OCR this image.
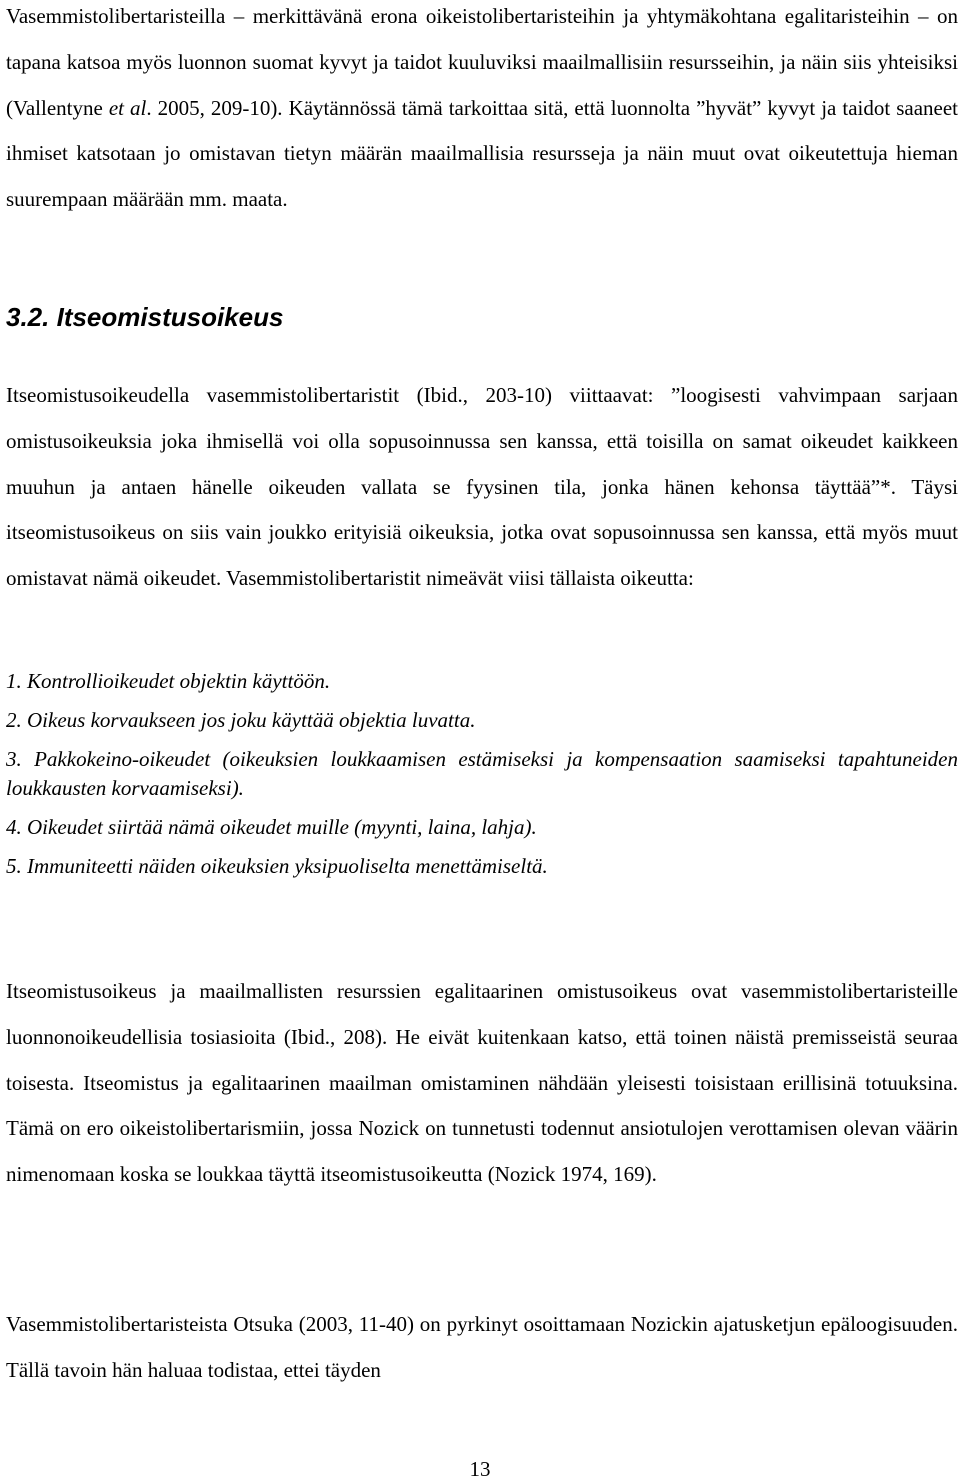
Vasemmistolibertaristeilla – merkittävänä erona oikeistolibertaristeihin ja yhtymäkohtana egalitaristeihin – on tapana katsoa myös luonnon suomat kyvyt ja taidot kuuluviksi maailmallisiin resursseihin, ja näin siis yhteisiksi (Vallentyne et al. 2005, 209-10). Käytännössä tämä tarkoittaa sitä, että luonnolta ”hyvät” kyvyt ja taidot saaneet ihmiset katsotaan jo omistavan tietyn määrän maailmallisia resursseja ja näin muut ovat oikeutettuja hieman suurempaan määrään mm. maata.

3.2. Itseomistusoikeus

Itseomistusoikeudella vasemmistolibertaristit (Ibid., 203-10) viittaavat: ”loogisesti vahvimpaan sarjaan omistusoikeuksia joka ihmisellä voi olla sopusoinnussa sen kanssa, että toisilla on samat oikeudet kaikkeen muuhun ja antaen hänelle oikeuden vallata se fyysinen tila, jonka hänen kehonsa täyttää”*. Täysi itseomistusoikeus on siis vain joukko erityisiä oikeuksia, jotka ovat sopusoinnussa sen kanssa, että myös muut omistavat nämä oikeudet. Vasemmistolibertaristit nimeävät viisi tällaista oikeutta:

1. Kontrollioikeudet objektin käyttöön.
2. Oikeus korvaukseen jos joku käyttää objektia luvatta.
3. Pakkokeino-oikeudet (oikeuksien loukkaamisen estämiseksi ja kompensaation saamiseksi tapahtuneiden loukkausten korvaamiseksi).
4. Oikeudet siirtää nämä oikeudet muille (myynti, laina, lahja).
5. Immuniteetti näiden oikeuksien yksipuoliselta menettämiseltä.

Itseomistusoikeus ja maailmallisten resurssien egalitaarinen omistusoikeus ovat vasemmistolibertaristeille luonnonoikeudellisia tosiasioita (Ibid., 208). He eivät kuitenkaan katso, että toinen näistä premisseistä seuraa toisesta. Itseomistus ja egalitaarinen maailman omistaminen nähdään yleisesti toisistaan erillisinä totuuksina. Tämä on ero oikeistolibertarismiin, jossa Nozick on tunnetusti todennut ansiotulojen verottamisen olevan väärin nimenomaan koska se loukkaa täyttä itseomistusoikeutta (Nozick 1974, 169).

Vasemmistolibertaristeista Otsuka (2003, 11-40) on pyrkinyt osoittamaan Nozickin ajatusketjun epäloogisuuden. Tällä tavoin hän haluaa todistaa, ettei täyden

13
